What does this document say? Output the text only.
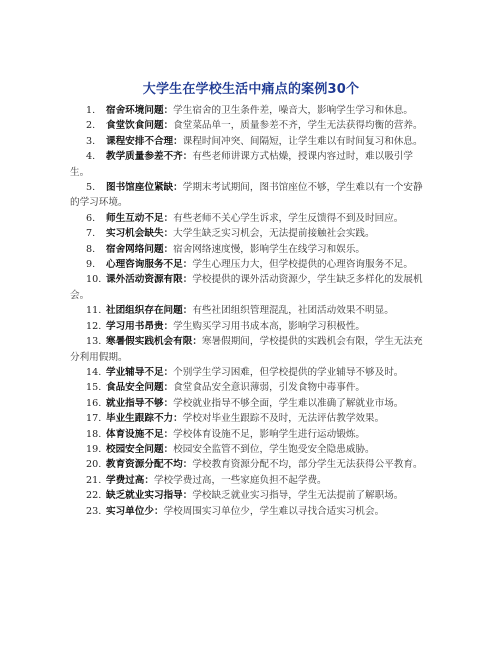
大学生在学校生活中痛点的案例30个
1. 宿舍环境问题：学生宿舍的卫生条件差，噪音大，影响学生学习和休息。
2. 食堂饮食问题：食堂菜品单一，质量参差不齐，学生无法获得均衡的营养。
3. 课程安排不合理：课程时间冲突、间隔短，让学生难以有时间复习和休息。
4. 教学质量参差不齐：有些老师讲课方式枯燥，授课内容过时，难以吸引学生。
5. 图书馆座位紧缺：学期末考试期间，图书馆座位不够，学生难以有一个安静的学习环境。
6. 师生互动不足：有些老师不关心学生诉求，学生反馈得不到及时回应。
7. 实习机会缺失：大学生缺乏实习机会，无法提前接触社会实践。
8. 宿舍网络问题：宿舍网络速度慢，影响学生在线学习和娱乐。
9. 心理咨询服务不足：学生心理压力大，但学校提供的心理咨询服务不足。
10. 课外活动资源有限：学校提供的课外活动资源少，学生缺乏多样化的发展机会。
11. 社团组织存在问题：有些社团组织管理混乱，社团活动效果不明显。
12. 学习用书昂贵：学生购买学习用书成本高，影响学习积极性。
13. 寒暑假实践机会有限：寒暑假期间，学校提供的实践机会有限，学生无法充分利用假期。
14. 学业辅导不足：个别学生学习困难，但学校提供的学业辅导不够及时。
15. 食品安全问题：食堂食品安全意识薄弱，引发食物中毒事件。
16. 就业指导不够：学校就业指导不够全面，学生难以准确了解就业市场。
17. 毕业生跟踪不力：学校对毕业生跟踪不及时，无法评估教学效果。
18. 体育设施不足：学校体育设施不足，影响学生进行运动锻炼。
19. 校园安全问题：校园安全监管不到位，学生饱受安全隐患威胁。
20. 教育资源分配不均：学校教育资源分配不均，部分学生无法获得公平教育。
21. 学费过高：学校学费过高，一些家庭负担不起学费。
22. 缺乏就业实习指导：学校缺乏就业实习指导，学生无法提前了解职场。
23. 实习单位少：学校周围实习单位少，学生难以寻找合适实习机会。
